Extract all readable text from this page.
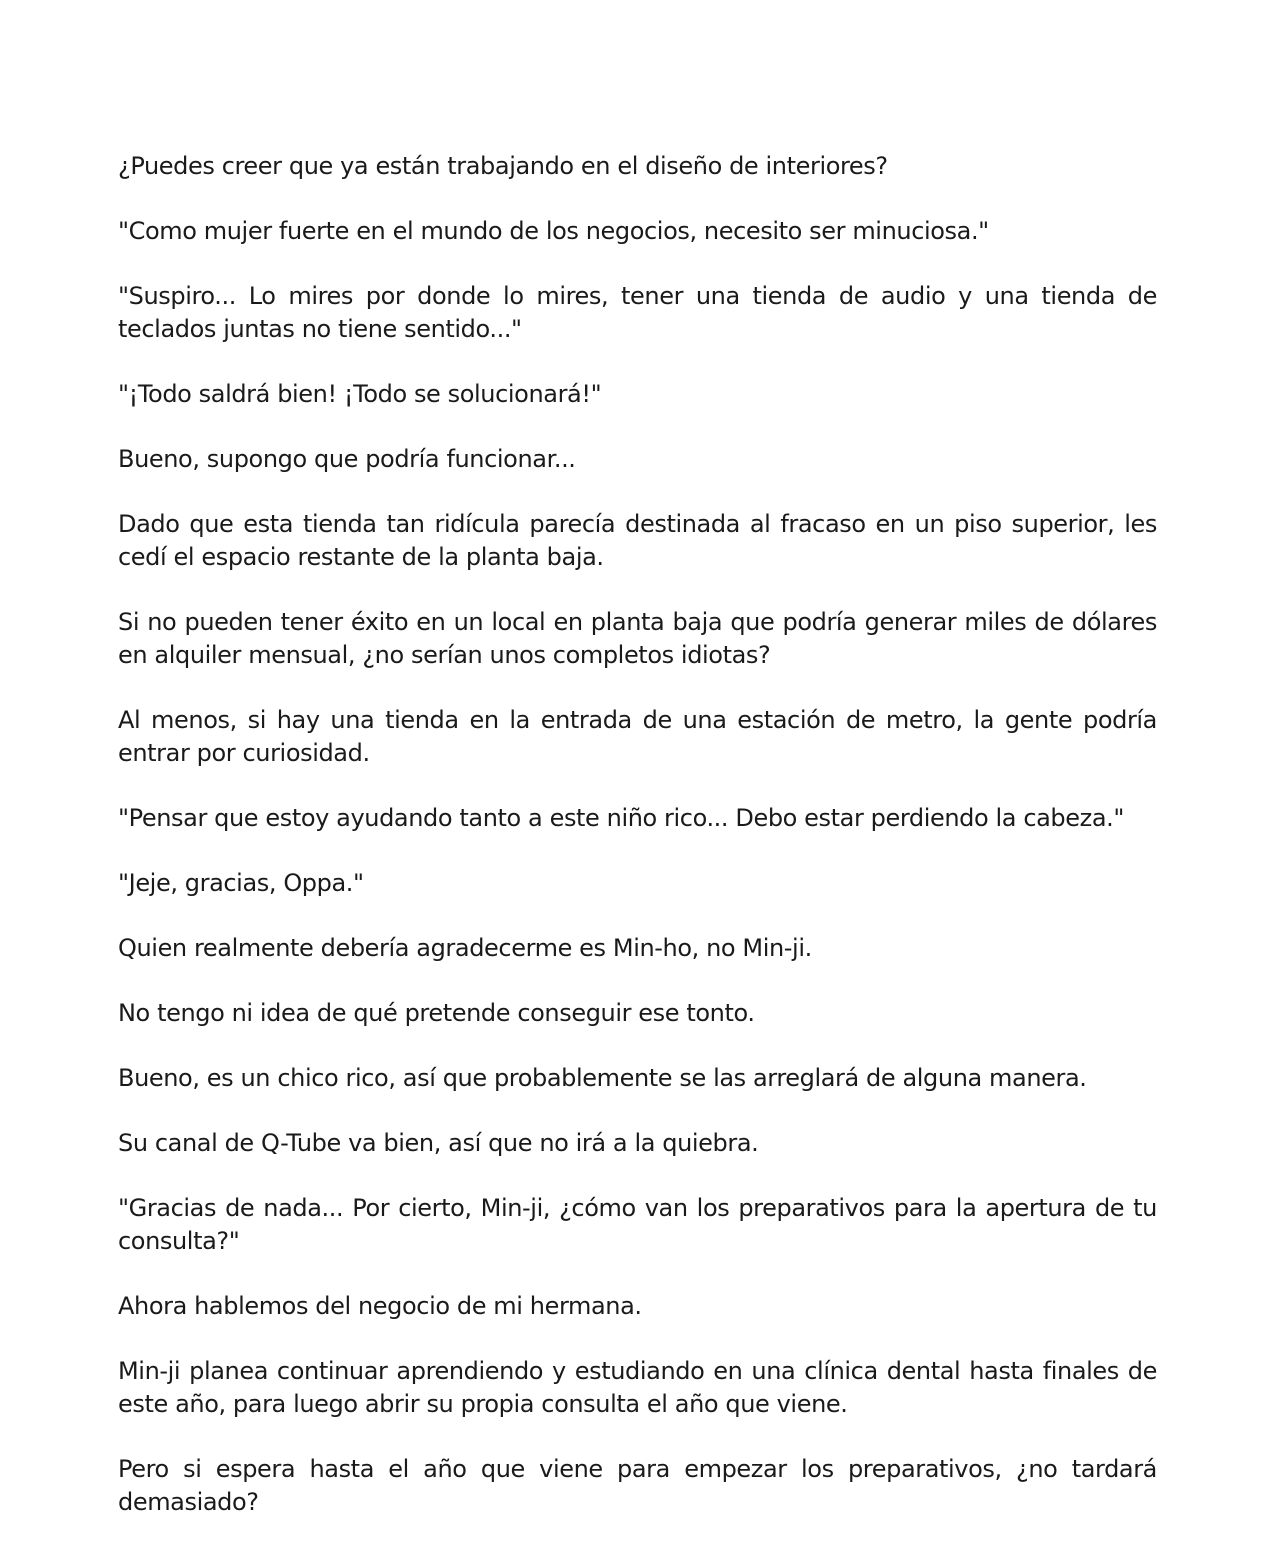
¿Puedes creer que ya están trabajando en el diseño de interiores?

"Como mujer fuerte en el mundo de los negocios, necesito ser minuciosa."

"Suspiro... Lo mires por donde lo mires, tener una tienda de audio y una tienda de teclados juntas no tiene sentido..."

"¡Todo saldrá bien! ¡Todo se solucionará!"

Bueno, supongo que podría funcionar...

Dado que esta tienda tan ridícula parecía destinada al fracaso en un piso superior, les cedí el espacio restante de la planta baja.

Si no pueden tener éxito en un local en planta baja que podría generar miles de dólares en alquiler mensual, ¿no serían unos completos idiotas?

Al menos, si hay una tienda en la entrada de una estación de metro, la gente podría entrar por curiosidad.

"Pensar que estoy ayudando tanto a este niño rico... Debo estar perdiendo la cabeza."

"Jeje, gracias, Oppa."

Quien realmente debería agradecerme es Min-ho, no Min-ji.

No tengo ni idea de qué pretende conseguir ese tonto.

Bueno, es un chico rico, así que probablemente se las arreglará de alguna manera.

Su canal de Q-Tube va bien, así que no irá a la quiebra.

"Gracias de nada... Por cierto, Min-ji, ¿cómo van los preparativos para la apertura de tu consulta?"

Ahora hablemos del negocio de mi hermana.

Min-ji planea continuar aprendiendo y estudiando en una clínica dental hasta finales de este año, para luego abrir su propia consulta el año que viene.

Pero si espera hasta el año que viene para empezar los preparativos, ¿no tardará demasiado?
